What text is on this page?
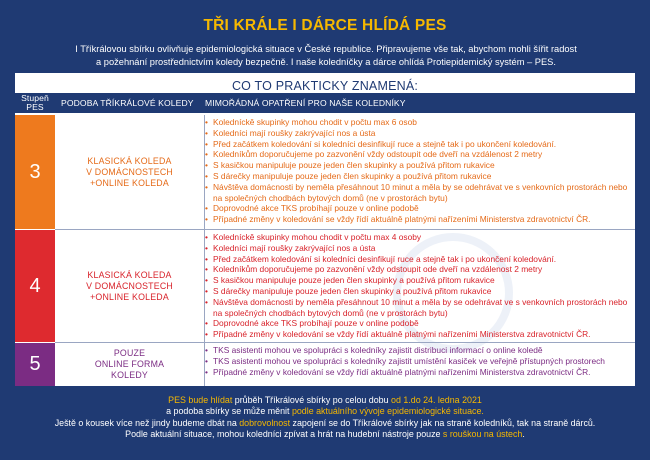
TŘI KRÁLE I DÁRCE HLÍDÁ PES
I Tříkrálovou sbírku ovlivňuje epidemiologická situace v České republice. Připravujeme vše tak, abychom mohli šířit radost
a požehnání prostřednictvím koledy bezpečně. I naše koledníčky a dárce ohlídá Protiepidemický systém – PES.
CO TO PRAKTICKY ZNAMENÁ:
Stupeň
PES	PODOBA TŘÍKRÁLOVÉ KOLEDY	MIMOŘÁDNÁ OPATŘENÍ PRO NAŠE KOLEDNÍKY
3	KLASICKÁ KOLEDA
V DOMÁCNOSTECH
+ONLINE KOLEDA
• Koledníckě skupinky mohou chodit v počtu max 6 osob
• Koledníci mají roušky zakrývající nos a ústa
• Před začátkem koledování si koledníci desinfikují ruce a stejně tak i po ukončení koledování.
• Koledníkům doporučujeme po zazvonění vždy odstoupit ode dveří na vzdálenost 2 metry
• S kasičkou manipuluje pouze jeden člen skupinky a používá přitom rukavice
• S dárečky manipuluje pouze jeden člen skupinky a používá přitom rukavice
• Návštěva domácnosti by neměla přesáhnout 10 minut a měla by se odehrávat ve s venkovních prostorách nebo na společných chodbách bytových domů (ne v prostorách bytu)
• Doprovodné akce TKS probíhají pouze v online podobě
• Případné změny v koledování se vždy řídí aktuálně platnými nařízeními Ministerstva zdravotnictví ČR.
4	KLASICKÁ KOLEDA
V DOMÁCNOSTECH
+ONLINE KOLEDA
• Koledníckě skupinky mohou chodit v počtu max 4 osoby
• Koledníci mají roušky zakrývající nos a ústa
• Před začátkem koledování si koledníci desinfikují ruce a stejně tak i po ukončení koledování.
• Koledníkům doporučujeme po zazvonění vždy odstoupit ode dveří na vzdálenost 2 metry
• S kasičkou manipuluje pouze jeden člen skupinky a používá přitom rukavice
• S dárečky manipuluje pouze jeden člen skupinky a používá přitom rukavice
• Návštěva domácnosti by neměla přesáhnout 10 minut a měla by se odehrávat ve s venkovních prostorách nebo na společných chodbách bytových domů (ne v prostorách bytu)
• Doprovodné akce TKS probíhají pouze v online podobě
• Případné změny v koledování se vždy řídí aktuálně platnými nařízeními Ministerstva zdravotnictví ČR.
5	POUZE
ONLINE FORMA
KOLEDY
• TKS asistenti mohou ve spolupráci s koledníky zajistit distribuci informací o online koledě
• TKS asistenti mohou ve spolupráci s koledníky zajistit umístění kasiček ve veřejně přístupných prostorech
• Případné změny v koledování se vždy řídí aktuálně platnými nařízeními Ministerstva zdravotnictví ČR.
PES bude hlídat průběh Tříkrálové sbírky po celou dobu od 1.do 24. ledna 2021
a podoba sbírky se může měnit podle aktuálního vývoje epidemiologické situace.
Ještě o kousek více než jindy budeme dbát na dobrovolnost zapojení se do Tříkrálové sbírky jak na straně koledníků, tak na straně dárců.
Podle aktuální situace, mohou koledníci zpívat a hrát na hudební nástroje pouze s rouškou na ústech.
